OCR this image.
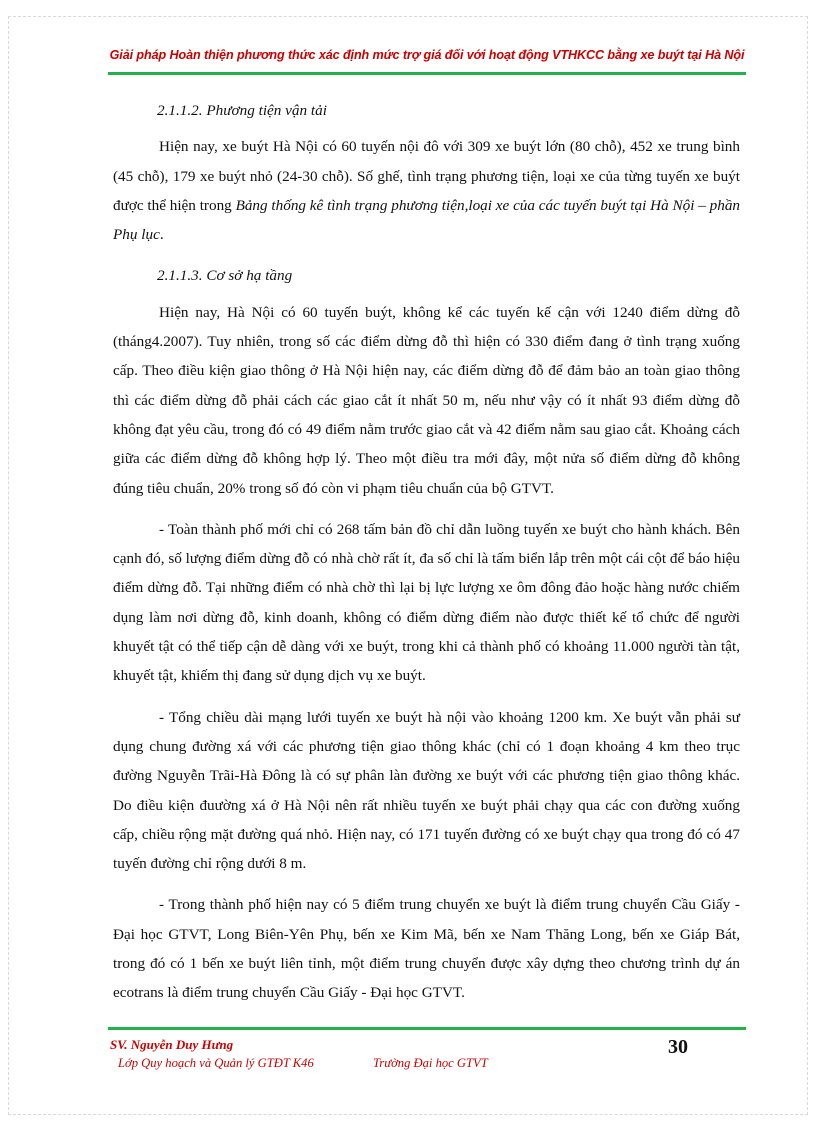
Giải pháp Hoàn thiện phương thức xác định mức trợ giá đối với hoạt động VTHKCC bằng xe buýt tại Hà Nội
2.1.1.2. Phương tiện vận tải

Hiện nay, xe buýt Hà Nội có 60 tuyến nội đô với 309 xe buýt lớn (80 chỗ), 452 xe trung bình (45 chỗ), 179 xe buýt nhỏ (24-30 chỗ). Số ghế, tình trạng phương tiện, loại xe của từng tuyến xe buýt được thể hiện trong Bảng thống kê tình trạng phương tiện,loại xe của các tuyến buýt tại Hà Nội – phần Phụ lục.

2.1.1.3. Cơ sở hạ tầng

Hiện nay, Hà Nội có 60 tuyến buýt, không kể các tuyến kế cận với 1240 điểm dừng đỗ (tháng4.2007). Tuy nhiên, trong số các điểm dừng đỗ thì hiện có 330 điểm đang ở tình trạng xuống cấp. Theo điều kiện giao thông ở Hà Nội hiện nay, các điểm dừng đỗ để đảm bảo an toàn giao thông thì các điểm dừng đỗ phải cách các giao cắt ít nhất 50 m, nếu như vậy có ít nhất 93 điểm dừng đỗ không đạt yêu cầu, trong đó có 49 điểm nằm trước giao cắt và 42 điểm nằm sau giao cắt. Khoảng cách giữa các điểm dừng đỗ không hợp lý. Theo một điều tra mới đây, một nửa số điểm dừng đỗ không đúng tiêu chuẩn, 20% trong số đó còn vi phạm tiêu chuẩn của bộ GTVT.

- Toàn thành phố mới chỉ có 268 tấm bản đồ chỉ dẫn luồng tuyến xe buýt cho hành khách. Bên cạnh đó, số lượng điểm dừng đỗ có nhà chờ rất ít, đa số chỉ là tấm biển lắp trên một cái cột để báo hiệu điểm dừng đỗ. Tại những điểm có nhà chờ thì lại bị lực lượng xe ôm đông đảo hoặc hàng nước chiếm dụng làm nơi dừng đỗ, kinh doanh, không có điểm dừng điểm nào được thiết kế tổ chức để người khuyết tật có thể tiếp cận dễ dàng với xe buýt, trong khi cả thành phố có khoảng 11.000 người tàn tật, khuyết tật, khiếm thị đang sử dụng dịch vụ xe buýt.

- Tổng chiều dài mạng lưới tuyến xe buýt hà nội vào khoảng 1200 km. Xe buýt vẫn phải sư dụng chung đường xá với các phương tiện giao thông khác (chỉ có 1 đoạn khoảng 4 km theo trục đường Nguyễn Trãi-Hà Đông là có sự phân làn đường xe buýt với các phương tiện giao thông khác. Do điều kiện đuường xá ở Hà Nội nên rất nhiều tuyến xe buýt phải chạy qua các con đường xuống cấp, chiều rộng mặt đường quá nhỏ. Hiện nay, có 171 tuyến đường có xe buýt chạy qua trong đó có 47 tuyến đường chỉ rộng dưới 8 m.

- Trong thành phố hiện nay có 5 điểm trung chuyển xe buýt là điểm trung chuyển Cầu Giấy - Đại học GTVT, Long Biên-Yên Phụ, bến xe Kim Mã, bến xe Nam Thăng Long, bến xe Giáp Bát, trong đó có 1 bến xe buýt liên tỉnh, một điểm trung chuyển được xây dựng theo chương trình dự án ecotrans là điểm trung chuyển Cầu Giấy - Đại học GTVT.

SV. Nguyễn Duy Hưng
Lớp Quy hoạch và Quản lý GTĐT K46	Trường Đại học GTVT
30
